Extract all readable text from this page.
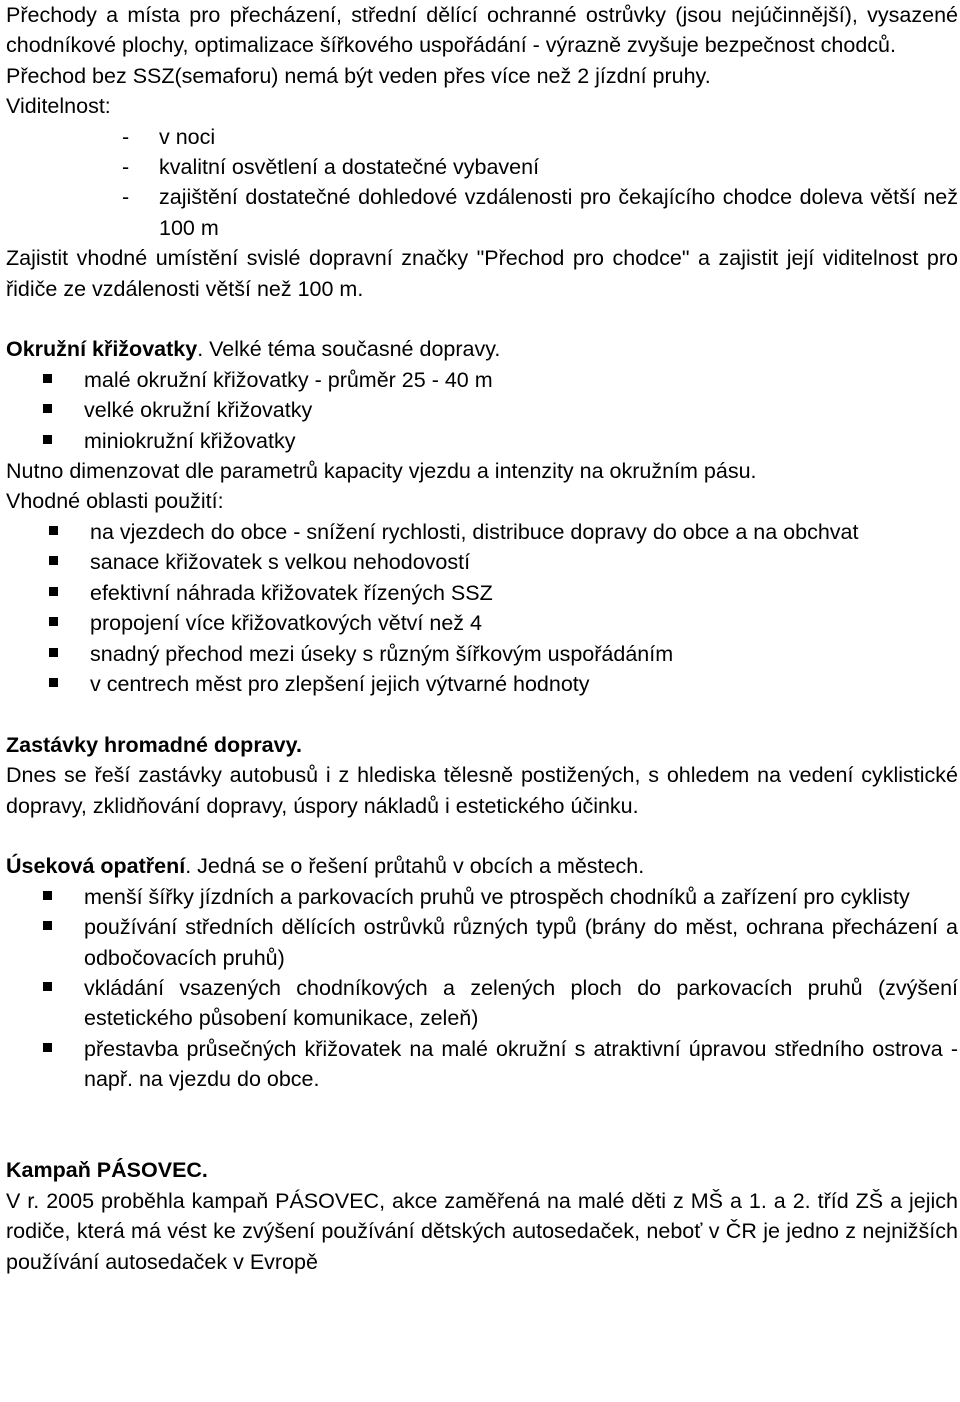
Přechody a místa pro přecházení, střední dělící ochranné ostrůvky (jsou nejúčinnější), vysazené chodníkové plochy, optimalizace šířkového uspořádání - výrazně zvyšuje bezpečnost chodců.

Přechod bez SSZ(semaforu) nemá být veden přes více než 2 jízdní pruhy.

Viditelnost:

- v noci
- kvalitní osvětlení a dostatečné vybavení
- zajištění dostatečné dohledové vzdálenosti pro čekajícího chodce doleva větší než 100 m

Zajistit vhodné umístění svislé dopravní značky "Přechod pro chodce" a zajistit její viditelnost pro řidiče ze vzdálenosti větší než 100 m.

Okružní křižovatky. Velké téma současné dopravy.

malé okružní křižovatky - průměr 25 - 40 m
velké okružní křižovatky
miniokružní křižovatky

Nutno dimenzovat dle parametrů kapacity vjezdu a intenzity na okružním pásu.

Vhodné oblasti použití:

na vjezdech do obce - snížení rychlosti, distribuce dopravy do obce a na obchvat
sanace křižovatek s velkou nehodovostí
efektivní náhrada křižovatek řízených SSZ
propojení více křižovatkových větví než 4
snadný přechod mezi úseky s různým šířkovým uspořádáním
v centrech měst pro zlepšení jejich výtvarné hodnoty

Zastávky hromadné dopravy.

Dnes se řeší zastávky autobusů i z hlediska tělesně postižených, s ohledem na vedení cyklistické dopravy, zklidňování dopravy, úspory nákladů i estetického účinku.

Úseková opatření. Jedná se o řešení průtahů v obcích a městech.

menší šířky jízdních a parkovacích pruhů ve ptrospěch chodníků a zařízení pro cyklisty
používání středních dělících ostrůvků různých typů (brány do měst, ochrana přecházení a odbočovacích pruhů)
vkládání vsazených chodníkových a zelených ploch do parkovacích pruhů (zvýšení estetického působení komunikace, zeleň)
přestavba průsečných křižovatek na malé okružní s atraktivní úpravou středního ostrova - např. na vjezdu do obce.

Kampaň PÁSOVEC.

V r. 2005 proběhla kampaň PÁSOVEC, akce zaměřená na malé děti z MŠ a 1. a 2. tříd ZŠ a jejich rodiče, která má vést ke zvýšení používání dětských autosedaček, neboť v ČR je jedno z nejnižších používání autosedaček v Evropě
